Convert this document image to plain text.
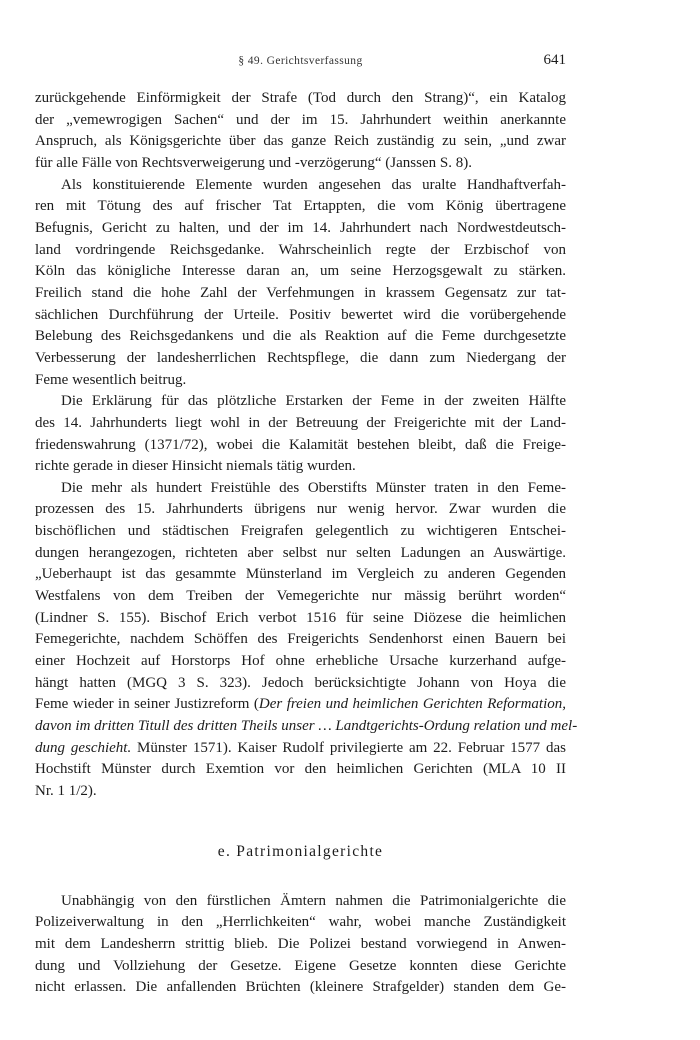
§ 49. Gerichtsverfassung	641

zurückgehende Einförmigkeit der Strafe (Tod durch den Strang)“, ein Katalog
der „vemewrogigen Sachen“ und der im 15. Jahrhundert weithin anerkannte
Anspruch, als Königsgerichte über das ganze Reich zuständig zu sein, „und zwar
für alle Fälle von Rechtsverweigerung und -verzögerung“ (Janssen S. 8).

Als konstituierende Elemente wurden angesehen das uralte Handhaftverfah-
ren mit Tötung des auf frischer Tat Ertappten, die vom König übertragene
Befugnis, Gericht zu halten, und der im 14. Jahrhundert nach Nordwestdeutsch-
land vordringende Reichsgedanke. Wahrscheinlich regte der Erzbischof von
Köln das königliche Interesse daran an, um seine Herzogsgewalt zu stärken.
Freilich stand die hohe Zahl der Verfehmungen in krassem Gegensatz zur tat-
sächlichen Durchführung der Urteile. Positiv bewertet wird die vorübergehende
Belebung des Reichsgedankens und die als Reaktion auf die Feme durchgesetzte
Verbesserung der landesherrlichen Rechtspflege, die dann zum Niedergang der
Feme wesentlich beitrug.

Die Erklärung für das plötzliche Erstarken der Feme in der zweiten Hälfte
des 14. Jahrhunderts liegt wohl in der Betreuung der Freigerichte mit der Land-
friedenswahrung (1371/72), wobei die Kalamität bestehen bleibt, daß die Freige-
richte gerade in dieser Hinsicht niemals tätig wurden.

Die mehr als hundert Freistühle des Oberstifts Münster traten in den Feme-
prozessen des 15. Jahrhunderts übrigens nur wenig hervor. Zwar wurden die
bischöflichen und städtischen Freigrafen gelegentlich zu wichtigeren Entschei-
dungen herangezogen, richteten aber selbst nur selten Ladungen an Auswärtige.
„Ueberhaupt ist das gesammte Münsterland im Vergleich zu anderen Gegenden
Westfalens von dem Treiben der Vemegerichte nur mässig berührt worden“
(Lindner S. 155). Bischof Erich verbot 1516 für seine Diözese die heimlichen
Femegerichte, nachdem Schöffen des Freigerichts Sendenhorst einen Bauern bei
einer Hochzeit auf Horstorps Hof ohne erhebliche Ursache kurzerhand aufge-
hängt hatten (MGQ 3 S. 323). Jedoch berücksichtigte Johann von Hoya die
Feme wieder in seiner Justizreform (Der freien und heimlichen Gerichten Reformation,
davon im dritten Titull des dritten Theils unser … Landtgerichts-Ordung relation und mel-
dung geschieht. Münster 1571). Kaiser Rudolf privilegierte am 22. Februar 1577 das
Hochstift Münster durch Exemtion vor den heimlichen Gerichten (MLA 10 II
Nr. 1 1/2).

e. Patrimonialgerichte

Unabhängig von den fürstlichen Ämtern nahmen die Patrimonialgerichte die
Polizeiverwaltung in den „Herrlichkeiten“ wahr, wobei manche Zuständigkeit
mit dem Landesherrn strittig blieb. Die Polizei bestand vorwiegend in Anwen-
dung und Vollziehung der Gesetze. Eigene Gesetze konnten diese Gerichte
nicht erlassen. Die anfallenden Brüchten (kleinere Strafgelder) standen dem Ge-
